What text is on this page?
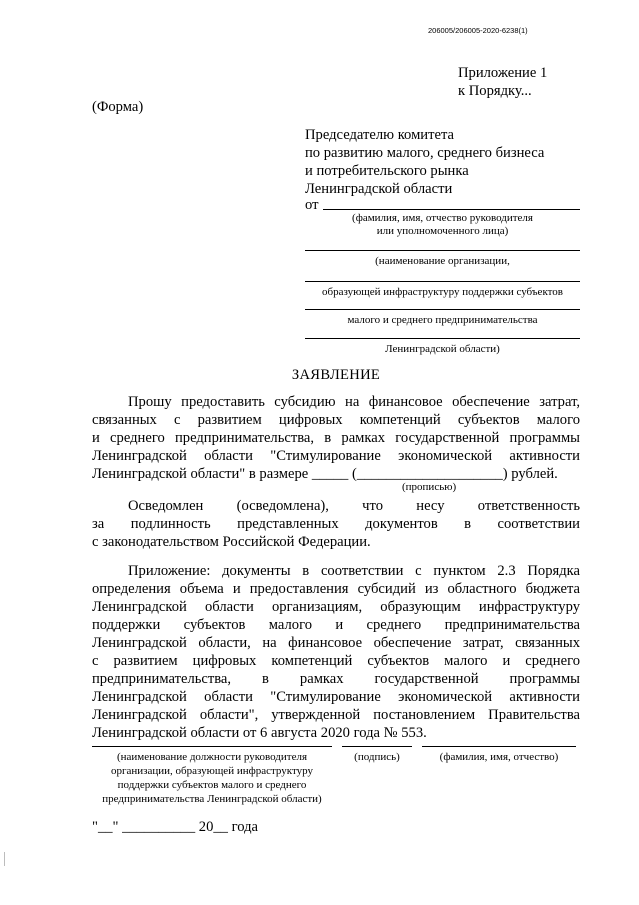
206005/206005-2020-6238(1)
Приложение 1
к Порядку...
(Форма)
Председателю комитета
по развитию малого, среднего бизнеса
и потребительского рынка
Ленинградской области
от
(фамилия, имя, отчество руководителя
или уполномоченного лица)
(наименование организации,
образующей инфраструктуру поддержки субъектов
малого и среднего предпринимательства
Ленинградской области)
ЗАЯВЛЕНИЕ
Прошу предоставить субсидию на финансовое обеспечение затрат,
связанных с развитием цифровых компетенций субъектов малого
и среднего предпринимательства, в рамках государственной программы
Ленинградской области "Стимулирование экономической активности
Ленинградской области" в размере _____ (____________________) рублей.
(прописью)
Осведомлен (осведомлена), что несу ответственность
за подлинность представленных документов в соответствии
с законодательством Российской Федерации.
Приложение: документы в соответствии с пунктом 2.3 Порядка
определения объема и предоставления субсидий из областного бюджета
Ленинградской области организациям, образующим инфраструктуру
поддержки субъектов малого и среднего предпринимательства
Ленинградской области, на финансовое обеспечение затрат, связанных
с развитием цифровых компетенций субъектов малого и среднего
предпринимательства, в рамках государственной программы
Ленинградской области "Стимулирование экономической активности
Ленинградской области", утвержденной постановлением Правительства
Ленинградской области от 6 августа 2020 года № 553.
(наименование должности руководителя
организации, образующей инфраструктуру
поддержки субъектов малого и среднего
предпринимательства Ленинградской области)
(подпись)	(фамилия, имя, отчество)
"__" __________ 20__ года
